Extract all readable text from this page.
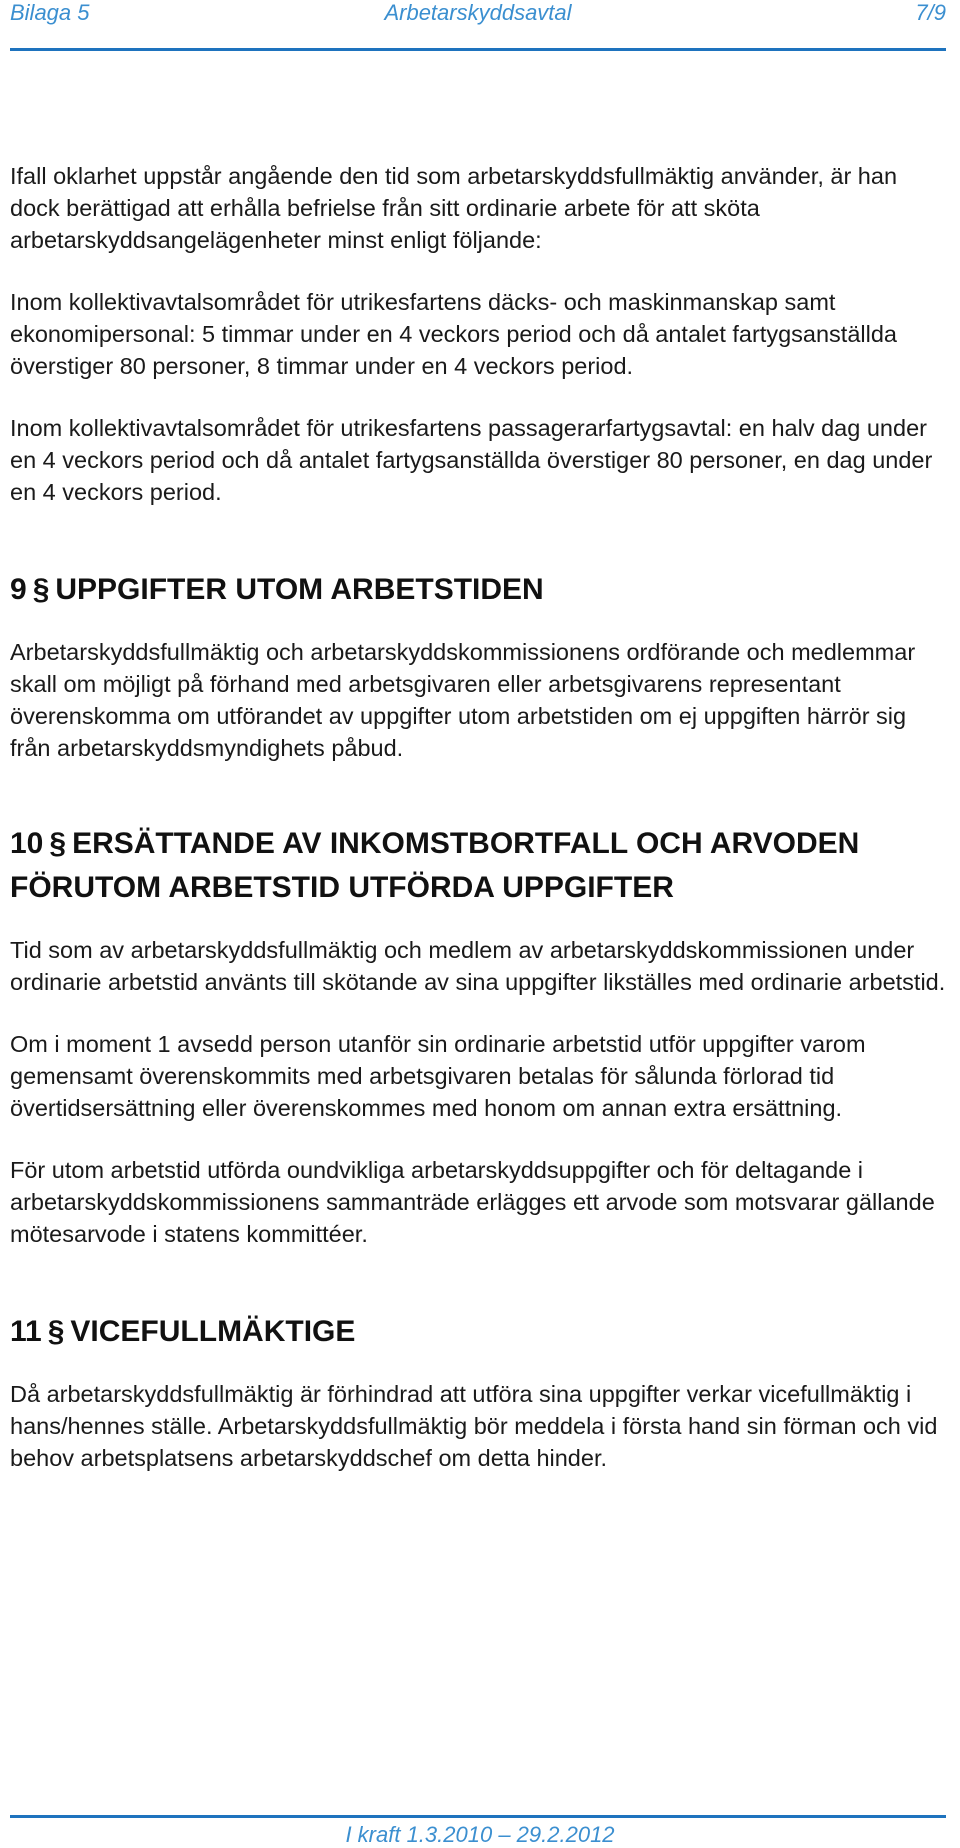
Bilaga 5	Arbetarskyddsavtal	7/9

Ifall oklarhet uppstår angående den tid som arbetarskyddsfullmäktig använder, är han dock berättigad att erhålla befrielse från sitt ordinarie arbete för att sköta arbetarskyddsangelägenheter minst enligt följande:

Inom kollektivavtalsområdet för utrikesfartens däcks- och maskinmanskap samt ekonomipersonal: 5 timmar under en 4 veckors period och då antalet fartygsanställda överstiger 80 personer, 8 timmar under en 4 veckors period.

Inom kollektivavtalsområdet för utrikesfartens passagerarfartygsavtal: en halv dag under en 4 veckors period och då antalet fartygsanställda överstiger 80 personer, en dag under en 4 veckors period.

9 § UPPGIFTER UTOM ARBETSTIDEN

Arbetarskyddsfullmäktig och arbetarskyddskommissionens ordförande och medlemmar skall om möjligt på förhand med arbetsgivaren eller arbetsgivarens representant överenskomma om utförandet av uppgifter utom arbetstiden om ej uppgiften härrör sig från arbetarskyddsmyndighets påbud.

10 § ERSÄTTANDE AV INKOMSTBORTFALL OCH ARVODEN FÖRUTOM ARBETSTID UTFÖRDA UPPGIFTER

Tid som av arbetarskyddsfullmäktig och medlem av arbetarskyddskommissionen under ordinarie arbetstid använts till skötande av sina uppgifter likställes med ordinarie arbetstid.

Om i moment 1 avsedd person utanför sin ordinarie arbetstid utför uppgifter varom gemensamt överenskommits med arbetsgivaren betalas för sålunda förlorad tid övertidsersättning eller överenskommes med honom om annan extra ersättning.

För utom arbetstid utförda oundvikliga arbetarskyddsuppgifter och för deltagande i arbetarskyddskommissionens sammanträde erlägges ett arvode som motsvarar gällande mötesarvode i statens kommittéer.

11 § VICEFULLMÄKTIGE

Då arbetarskyddsfullmäktig är förhindrad att utföra sina uppgifter verkar vicefullmäktig i hans/hennes ställe. Arbetarskyddsfullmäktig bör meddela i första hand sin förman och vid behov arbetsplatsens arbetarskyddschef om detta hinder.

I kraft 1.3.2010 – 29.2.2012
